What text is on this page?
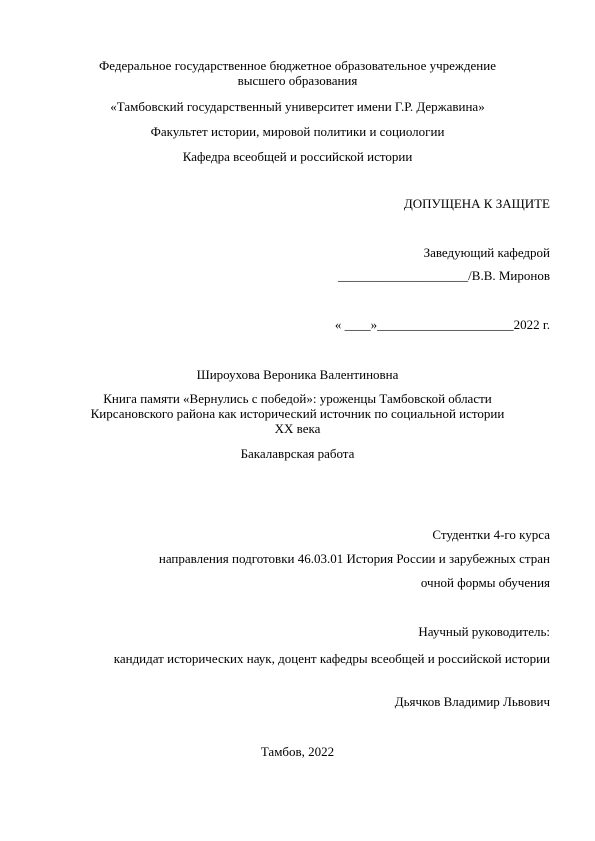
Федеральное государственное бюджетное образовательное учреждение
высшего образования
«Тамбовский государственный университет имени Г.Р. Державина»
Факультет истории, мировой политики и социологии
Кафедра всеобщей и российской истории
ДОПУЩЕНА К ЗАЩИТЕ
Заведующий кафедрой
____________________/В.В. Миронов
« ____»_____________________2022 г.
Широухова Вероника Валентиновна
Книга памяти «Вернулись с победой»: уроженцы Тамбовской области
Кирсановского района как исторический источник по социальной истории
XX века
Бакалаврская работа
Студентки 4-го курса
направления подготовки 46.03.01 История России и зарубежных стран
очной формы обучения
Научный руководитель:
кандидат исторических наук, доцент кафедры всеобщей и российской истории
Дьячков Владимир Львович
Тамбов, 2022
